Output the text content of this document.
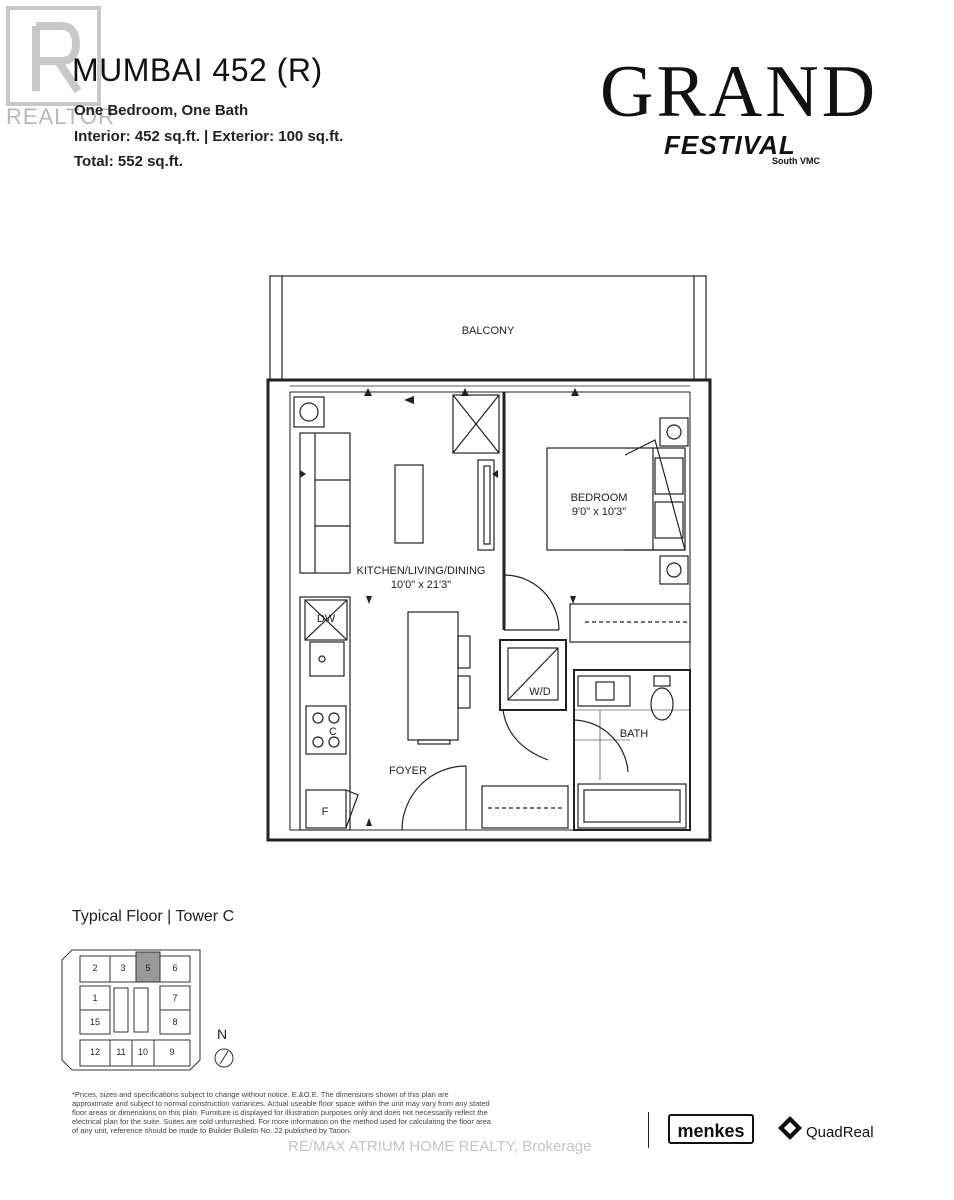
REALTOR
MUMBAI 452 (R)
One Bedroom, One Bath
Interior: 452 sq.ft. | Exterior: 100 sq.ft.
Total: 552 sq.ft.
GRAND
FESTIVAL
South VMC
BALCONY
BEDROOM
9'0" x 10'3"
KITCHEN/LIVING/DINING
10'0" x 21'3"
DW
W/D
BATH
FOYER
C
F
Typical Floor | Tower C
2	3	5	6
1	7
15	8
12	11	10	9
N
*Prices, sizes and specifications subject to change without notice. E.&O.E. The dimensions shown of this plan are approximate and subject to normal construction variances. Actual useable floor space within the unit may vary from any stated floor areas or dimensions on this plan. Furniture is displayed for illustration purposes only and does not necessarily reflect the electrical plan for the suite. Suites are sold unfurnished. For more information on the method used for calculating the floor area of any unit, reference should be made to Builder Bulletin No. 22 published by Tarion.	menkes	QuadReal
RE/MAX ATRIUM HOME REALTY, Brokerage
